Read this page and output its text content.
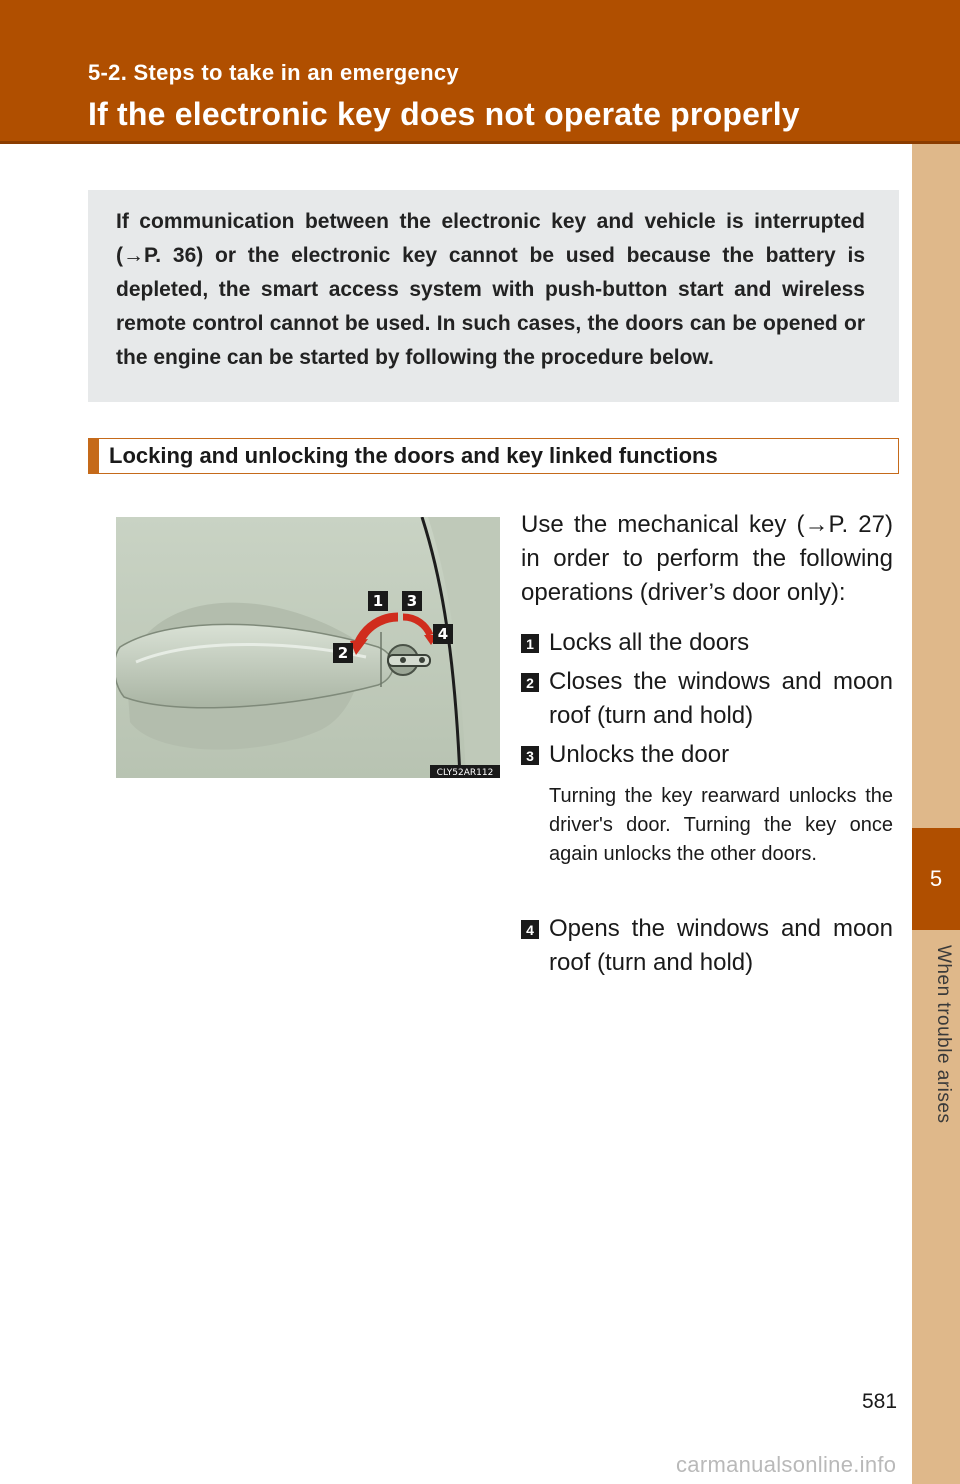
5-2. Steps to take in an emergency
If the electronic key does not operate properly
5
When trouble arises

If communication between the electronic key and vehicle is interrupted (→P. 36) or the electronic key cannot be used because the battery is depleted, the smart access system with push-button start and wireless remote control cannot be used. In such cases, the doors can be opened or the engine can be started by following the procedure below.

Locking and unlocking the doors and key linked functions
1 3
4
2
CLY52AR112

Use the mechanical key (→P. 27) in order to perform the following operations (driver’s door only):

1 Locks all the doors

2 Closes the windows and moon roof (turn and hold)

3 Unlocks the door

Turning the key rearward unlocks the driver's door. Turning the key once again unlocks the other doors.

4 Opens the windows and moon roof (turn and hold)

581
carmanualsonline.info
